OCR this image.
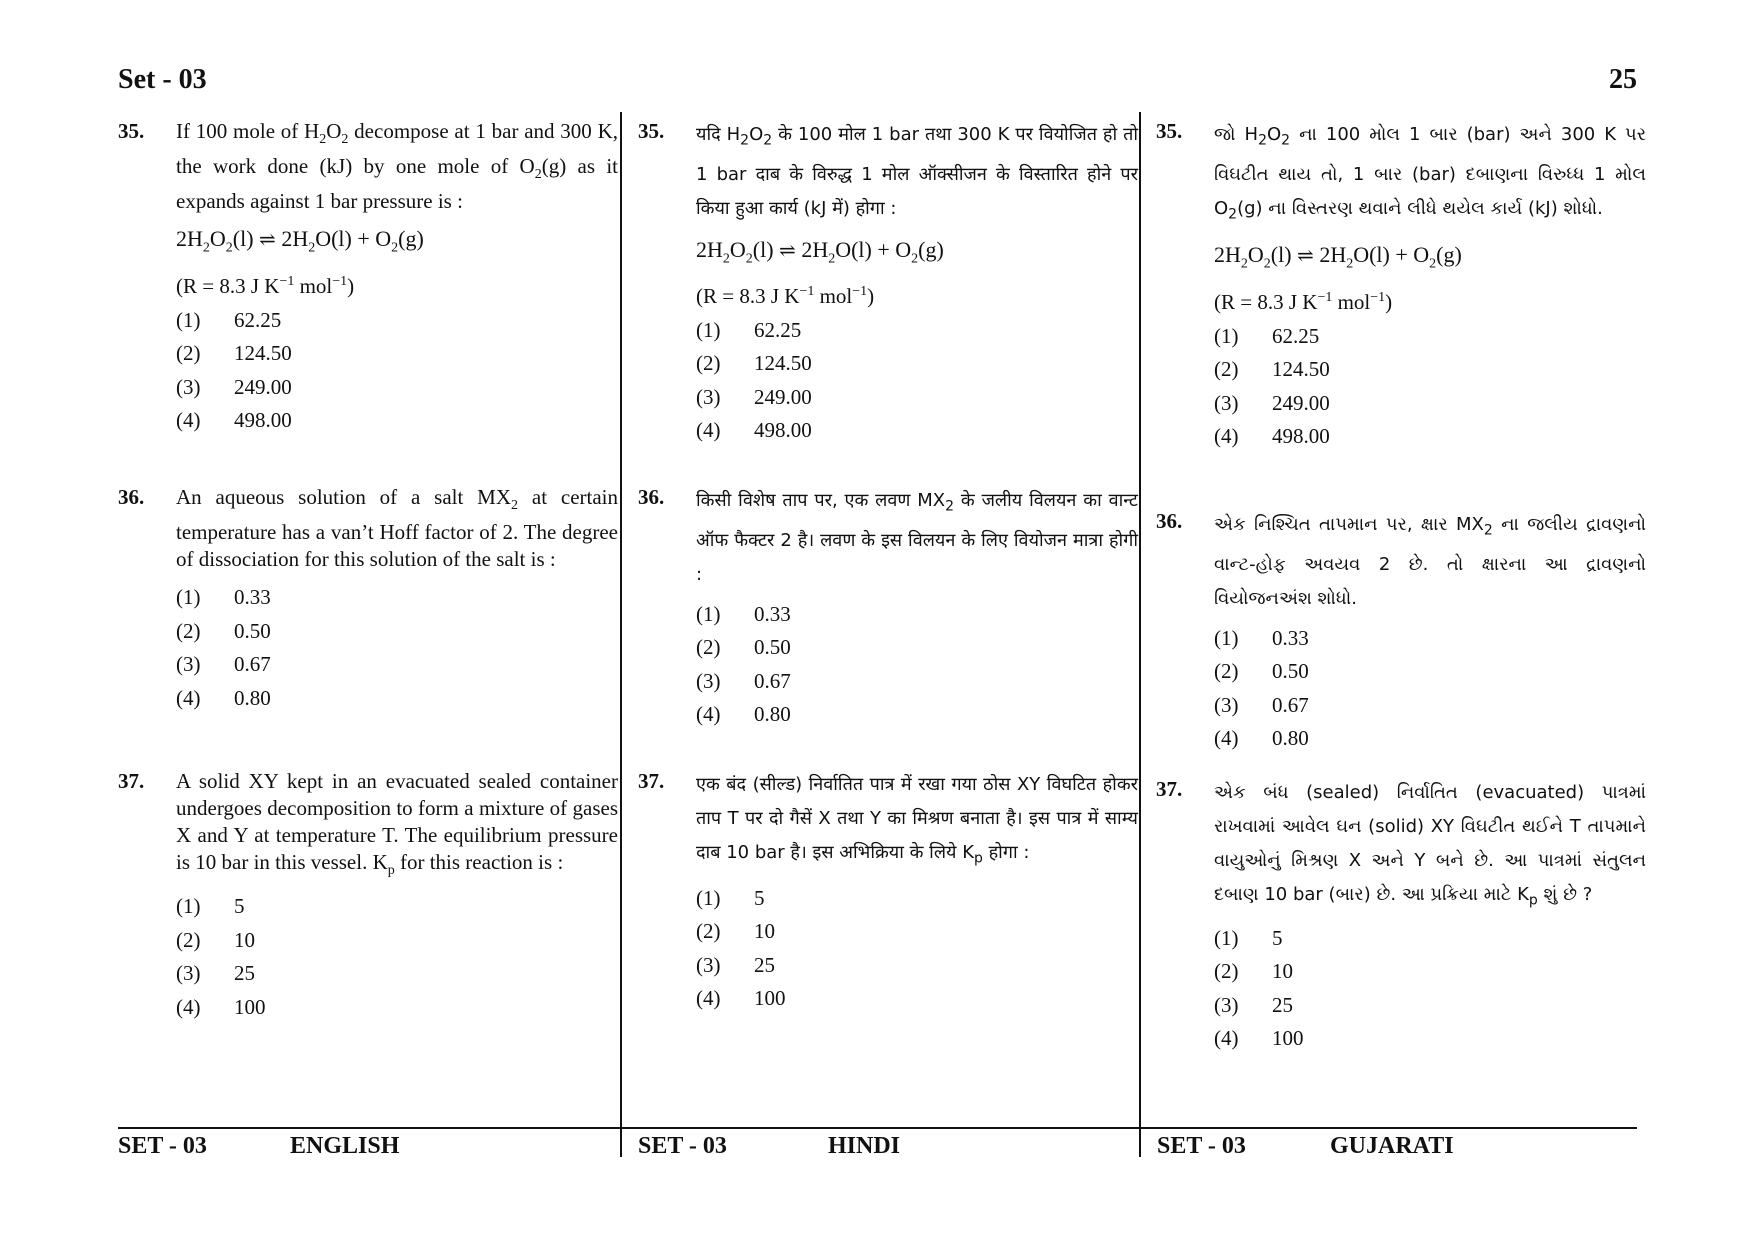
Set - 03	25
35. If 100 mole of $H_2O_2$ decompose at 1 bar and 300 K, the work done (kJ) by one mole of $O_2(g)$ as it expands against 1 bar pressure is :

$2H_2O_2(l)$ ⇌ $2H_2O(l) + O_2(g)$
(R = 8.3 J $K^{-1}$ mol$^{-1}$)
(1) 62.25
(2) 124.50
(3) 249.00
(4) 498.00
36. An aqueous solution of a salt $MX_2$ at certain temperature has a van’t Hoff factor of 2. The degree of dissociation for this solution of the salt is :

(1) 0.33
(2) 0.50
(3) 0.67
(4) 0.80
37. A solid XY kept in an evacuated sealed container undergoes decomposition to form a mixture of gases X and Y at temperature T. The equilibrium pressure is 10 bar in this vessel. $K_p$ for this reaction is :

(1) 5
(2) 10
(3) 25
(4) 100
35. यदि $H_2O_2$ के 100 मोल 1 bar तथा 300 K पर वियोजित हो तो 1 bar दाब के विरुद्ध 1 मोल ऑक्सीजन के विस्तारित होने पर किया हुआ कार्य (kJ में) होगा :

$2H_2O_2(l)$ ⇌ $2H_2O(l) + O_2(g)$
(R = 8.3 J $K^{-1}$ mol$^{-1}$)
(1) 62.25
(2) 124.50
(3) 249.00
(4) 498.00
36. किसी विशेष ताप पर, एक लवण $MX_2$ के जलीय विलयन का वान्ट ऑफ फैक्टर 2 है। लवण के इस विलयन के लिए वियोजन मात्रा होगी :

(1) 0.33
(2) 0.50
(3) 0.67
(4) 0.80
37. एक बंद (सील्ड) निर्वातित पात्र में रखा गया ठोस XY विघटित होकर ताप T पर दो गैसें X तथा Y का मिश्रण बनाता है। इस पात्र में साम्य दाब 10 bar है। इस अभिक्रिया के लिये $K_p$ होगा :

(1) 5
(2) 10
(3) 25
(4) 100
35. જો $H_2O_2$ ના 100 મોલ 1 બાર (bar) અને 300 K પર વિઘટીત થાય તો, 1 બાર (bar) દબાણના વિરુધ્ધ 1 મોલ $O_2(g)$ ના વિસ્તરણ થવાને લીધે થયેલ કાર્ય (kJ) શોધો.

$2H_2O_2(l)$ ⇌ $2H_2O(l) + O_2(g)$
(R = 8.3 J $K^{-1}$ mol$^{-1}$)
(1) 62.25
(2) 124.50
(3) 249.00
(4) 498.00
36. એક નિશ્ચિત તાપમાન પર, ક્ષાર $MX_2$ ના જલીય દ્રાવણનો વાન્ટ-હોફ અવયવ 2 છે. તો ક્ષારના આ દ્રાવણનો વિયોજનઅંશ શોધો.

(1) 0.33
(2) 0.50
(3) 0.67
(4) 0.80
37. એક બંધ (sealed) નિર્વાતિત (evacuated) પાત્રમાં રાખવામાં આવેલ ઘન (solid) XY વિઘટીત થઈને T તાપમાને વાયુઓનું મિશ્રણ X અને Y બને છે. આ પાત્રમાં સંતુલન દબાણ 10 bar (બાર) છે. આ પ્રક્રિયા માટે $K_p$ શું છે ?

(1) 5
(2) 10
(3) 25
(4) 100
SET - 03	ENGLISH	SET - 03	HINDI	SET - 03	GUJARATI
